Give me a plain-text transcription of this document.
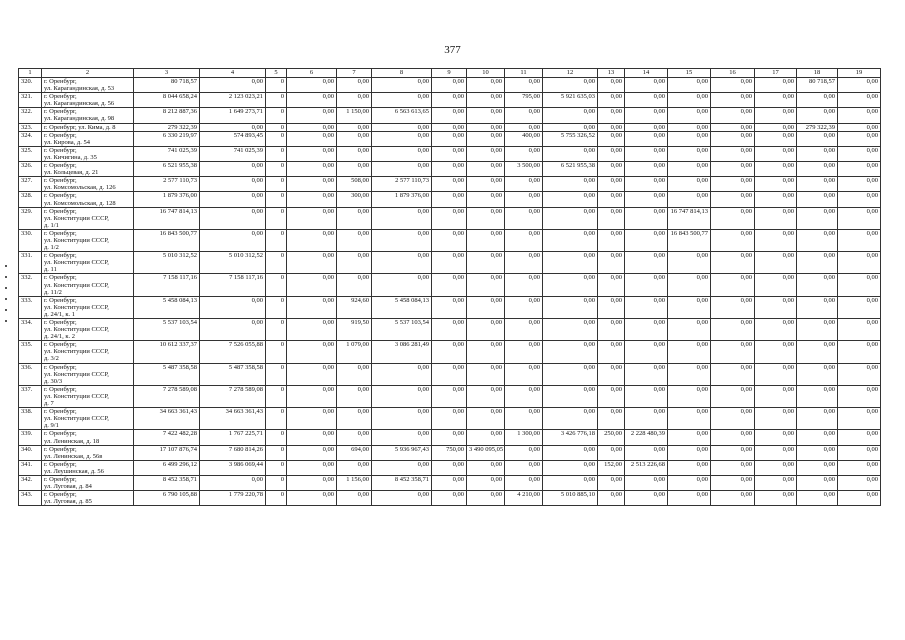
377
1	2	3	4	5	6	7	8	9	10	11	12	13	14	15	16	17	18	19
320.	г. Оренбург,
ул. Карагандинская, д. 53	80 718,57	0,00	0	0,00	0,00	0,00	0,00	0,00	0,00	0,00	0,00	0,00	0,00	0,00	0,00	80 718,57	0,00
321.	г. Оренбург,
ул. Карагандинская, д. 56	8 044 658,24	2 123 023,21	0	0,00	0,00	0,00	0,00	0,00	795,00	5 921 635,03	0,00	0,00	0,00	0,00	0,00	0,00	0,00
322.	г. Оренбург,
ул. Карагандинская, д. 98	8 212 887,36	1 649 273,71	0	0,00	1 150,00	6 563 613,65	0,00	0,00	0,00	0,00	0,00	0,00	0,00	0,00	0,00	0,00	0,00
323.	г. Оренбург, ул. Кима, д. 8	279 322,39	0,00	0	0,00	0,00	0,00	0,00	0,00	0,00	0,00	0,00	0,00	0,00	0,00	0,00	279 322,39	0,00
324.	г. Оренбург,
ул. Кирова, д. 54	6 330 219,97	574 893,45	0	0,00	0,00	0,00	0,00	0,00	400,00	5 755 326,52	0,00	0,00	0,00	0,00	0,00	0,00	0,00
325.	г. Оренбург,
ул. Кичигина, д. 35	741 025,39	741 025,39	0	0,00	0,00	0,00	0,00	0,00	0,00	0,00	0,00	0,00	0,00	0,00	0,00	0,00	0,00
326.	г. Оренбург,
ул. Кольцевая, д. 21	6 521 955,38	0,00	0	0,00	0,00	0,00	0,00	0,00	3 500,00	6 521 955,38	0,00	0,00	0,00	0,00	0,00	0,00	0,00
327.	г. Оренбург,
ул. Комсомольская, д. 126	2 577 110,73	0,00	0	0,00	508,00	2 577 110,73	0,00	0,00	0,00	0,00	0,00	0,00	0,00	0,00	0,00	0,00	0,00
328.	г. Оренбург,
ул. Комсомольская, д. 128	1 879 376,00	0,00	0	0,00	300,00	1 879 376,00	0,00	0,00	0,00	0,00	0,00	0,00	0,00	0,00	0,00	0,00	0,00
329.	г. Оренбург,
ул. Конституции СССР,
д. 1/1	16 747 814,13	0,00	0	0,00	0,00	0,00	0,00	0,00	0,00	0,00	0,00	0,00	16 747 814,13	0,00	0,00	0,00	0,00
330.	г. Оренбург,
ул. Конституции СССР,
д. 1/2	16 843 500,77	0,00	0	0,00	0,00	0,00	0,00	0,00	0,00	0,00	0,00	0,00	16 843 500,77	0,00	0,00	0,00	0,00
331.	г. Оренбург,
ул. Конституции СССР,
д. 11	5 010 312,52	5 010 312,52	0	0,00	0,00	0,00	0,00	0,00	0,00	0,00	0,00	0,00	0,00	0,00	0,00	0,00	0,00
332.	г. Оренбург,
ул. Конституции СССР,
д. 11/2	7 158 117,16	7 158 117,16	0	0,00	0,00	0,00	0,00	0,00	0,00	0,00	0,00	0,00	0,00	0,00	0,00	0,00	0,00
333.	г. Оренбург,
ул. Конституции СССР,
д. 24/1, к. 1	5 458 084,13	0,00	0	0,00	924,60	5 458 084,13	0,00	0,00	0,00	0,00	0,00	0,00	0,00	0,00	0,00	0,00	0,00
334.	г. Оренбург,
ул. Конституции СССР,
д. 24/1, к. 2	5 537 103,54	0,00	0	0,00	919,50	5 537 103,54	0,00	0,00	0,00	0,00	0,00	0,00	0,00	0,00	0,00	0,00	0,00
335.	г. Оренбург,
ул. Конституции СССР,
д. 3/2	10 612 337,37	7 526 055,88	0	0,00	1 079,00	3 086 281,49	0,00	0,00	0,00	0,00	0,00	0,00	0,00	0,00	0,00	0,00	0,00
336.	г. Оренбург,
ул. Конституции СССР,
д. 30/3	5 487 358,58	5 487 358,58	0	0,00	0,00	0,00	0,00	0,00	0,00	0,00	0,00	0,00	0,00	0,00	0,00	0,00	0,00
337.	г. Оренбург,
ул. Конституции СССР,
д. 7	7 278 589,08	7 278 589,08	0	0,00	0,00	0,00	0,00	0,00	0,00	0,00	0,00	0,00	0,00	0,00	0,00	0,00	0,00
338.	г. Оренбург,
ул. Конституции СССР,
д. 9/1	34 663 361,43	34 663 361,43	0	0,00	0,00	0,00	0,00	0,00	0,00	0,00	0,00	0,00	0,00	0,00	0,00	0,00	0,00
339.	г. Оренбург,
ул. Ленинская, д. 18	7 422 482,28	1 767 225,71	0	0,00	0,00	0,00	0,00	0,00	1 300,00	3 426 776,18	250,00	2 228 480,39	0,00	0,00	0,00	0,00	0,00
340.	г. Оренбург,
ул. Ленинская, д. 56в	17 107 876,74	7 680 814,26	0	0,00	694,00	5 936 967,43	750,00	3 490 095,05	0,00	0,00	0,00	0,00	0,00	0,00	0,00	0,00	0,00
341.	г. Оренбург,
ул. Леушинская, д. 56	6 499 296,12	3 986 069,44	0	0,00	0,00	0,00	0,00	0,00	0,00	0,00	152,00	2 513 226,68	0,00	0,00	0,00	0,00	0,00
342.	г. Оренбург,
ул. Луговая, д. 84	8 452 358,71	0,00	0	0,00	1 156,00	8 452 358,71	0,00	0,00	0,00	0,00	0,00	0,00	0,00	0,00	0,00	0,00	0,00
343.	г. Оренбург,
ул. Луговая, д. 85	6 790 105,88	1 779 220,78	0	0,00	0,00	0,00	0,00	0,00	4 210,00	5 010 885,10	0,00	0,00	0,00	0,00	0,00	0,00	0,00
